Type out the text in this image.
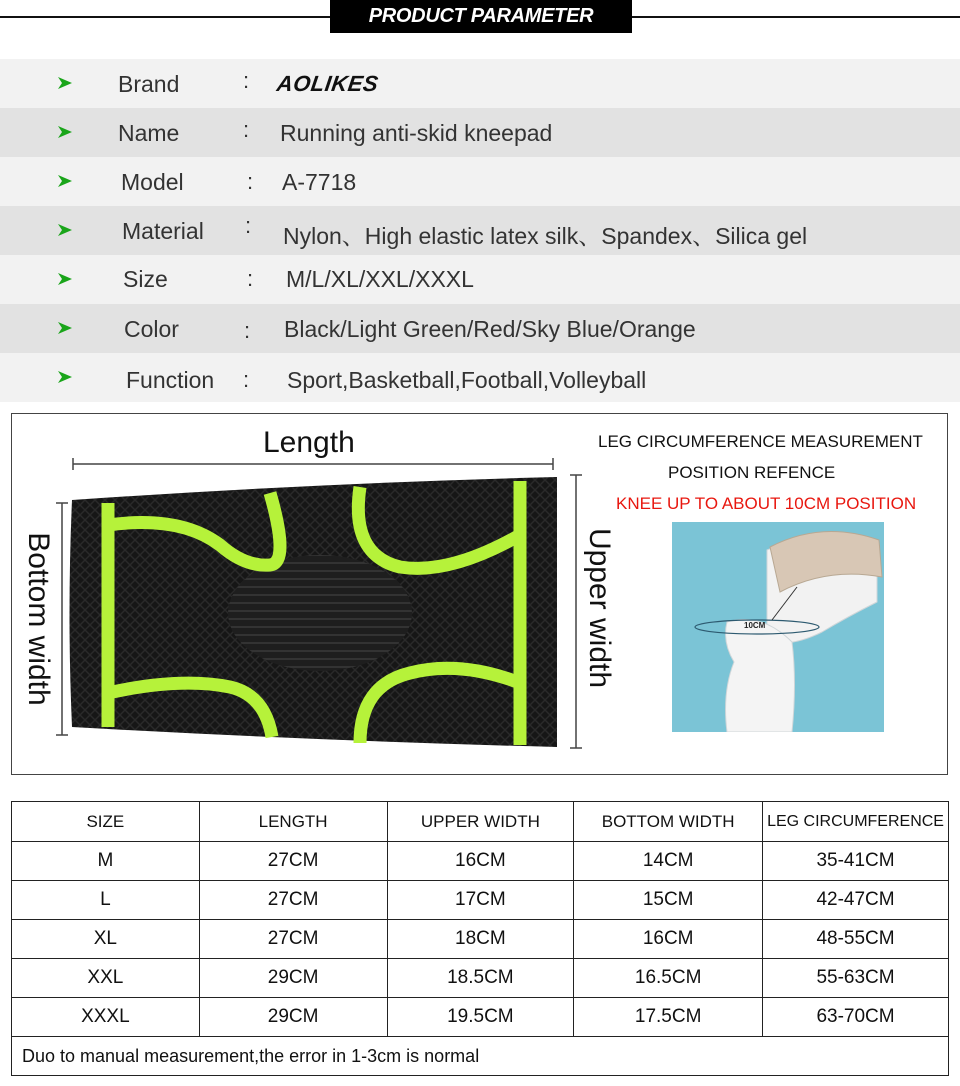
PRODUCT PARAMETER
Brand	: AOLIKES
Name	: Running anti-skid kneepad
Model	: A-7718
Material : Nylon、High elastic latex silk、Spandex、Silica gel
Size	: M/L/XL/XXL/XXXL
Color	: Black/Light Green/Red/Sky Blue/Orange
Function : Sport,Basketball,Football,Volleyball
Length
Bottom width	Upper width
LEG CIRCUMFERENCE MEASUREMENT
POSITION REFENCE
KNEE UP TO ABOUT 10CM POSITION
10CM
SIZE	LENGTH	UPPER WIDTH	BOTTOM WIDTH	LEG CIRCUMFERENCE
M	27CM	16CM	14CM	35-41CM
L	27CM	17CM	15CM	42-47CM
XL	27CM	18CM	16CM	48-55CM
XXL	29CM	18.5CM	16.5CM	55-63CM
XXXL	29CM	19.5CM	17.5CM	63-70CM
Duo to manual measurement,the error in 1-3cm is normal				
